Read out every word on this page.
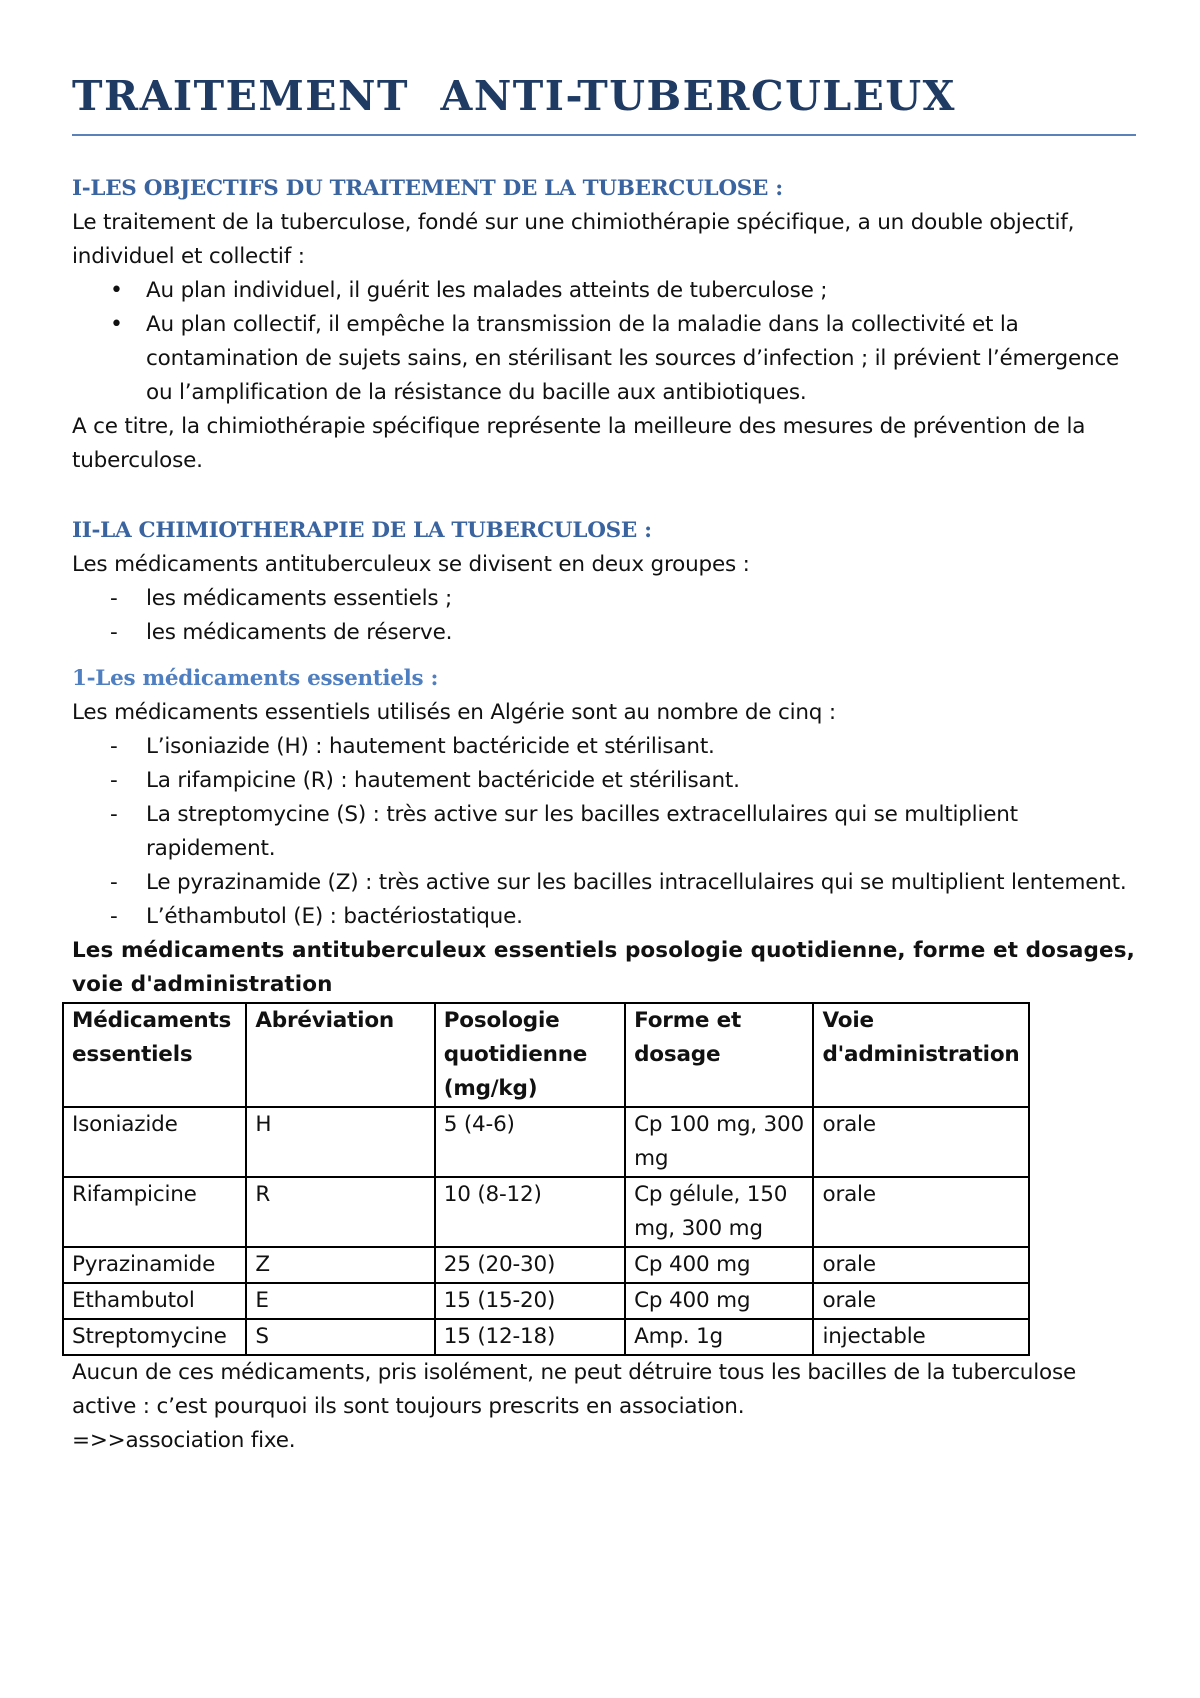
TRAITEMENT  ANTI-TUBERCULEUX
I-LES OBJECTIFS DU TRAITEMENT DE LA TUBERCULOSE :

Le traitement de la tuberculose, fondé sur une chimiothérapie spécifique, a un double objectif, individuel et collectif :

• Au plan individuel, il guérit les malades atteints de tuberculose ;
• Au plan collectif, il empêche la transmission de la maladie dans la collectivité et la contamination de sujets sains, en stérilisant les sources d’infection ; il prévient l’émergence ou l’amplification de la résistance du bacille aux antibiotiques.

A ce titre, la chimiothérapie spécifique représente la meilleure des mesures de prévention de la tuberculose.

II-LA CHIMIOTHERAPIE DE LA TUBERCULOSE :

Les médicaments antituberculeux se divisent en deux groupes :

- les médicaments essentiels ;
- les médicaments de réserve.
1-Les médicaments essentiels :

Les médicaments essentiels utilisés en Algérie sont au nombre de cinq :

- L’isoniazide (H) : hautement bactéricide et stérilisant.
- La rifampicine (R) : hautement bactéricide et stérilisant.
- La streptomycine (S) : très active sur les bacilles extracellulaires qui se multiplient rapidement.
- Le pyrazinamide (Z) : très active sur les bacilles intracellulaires qui se multiplient lentement.
- L’éthambutol (E) : bactériostatique.

Les médicaments antituberculeux essentiels posologie quotidienne, forme et dosages, voie d'administration

Médicaments essentiels	Abréviation	Posologie quotidienne (mg/kg)	Forme et dosage	Voie d'administration
Isoniazide	H	5 (4-6)	Cp 100 mg, 300 mg	orale
Rifampicine	R	10 (8-12)	Cp gélule, 150 mg, 300 mg	orale
Pyrazinamide	Z	25 (20-30)	Cp 400 mg	orale
Ethambutol	E	15 (15-20)	Cp 400 mg	orale
Streptomycine	S	15 (12-18)	Amp. 1g	injectable

Aucun de ces médicaments, pris isolément, ne peut détruire tous les bacilles de la tuberculose active : c’est pourquoi ils sont toujours prescrits en association.

=>>association fixe.
